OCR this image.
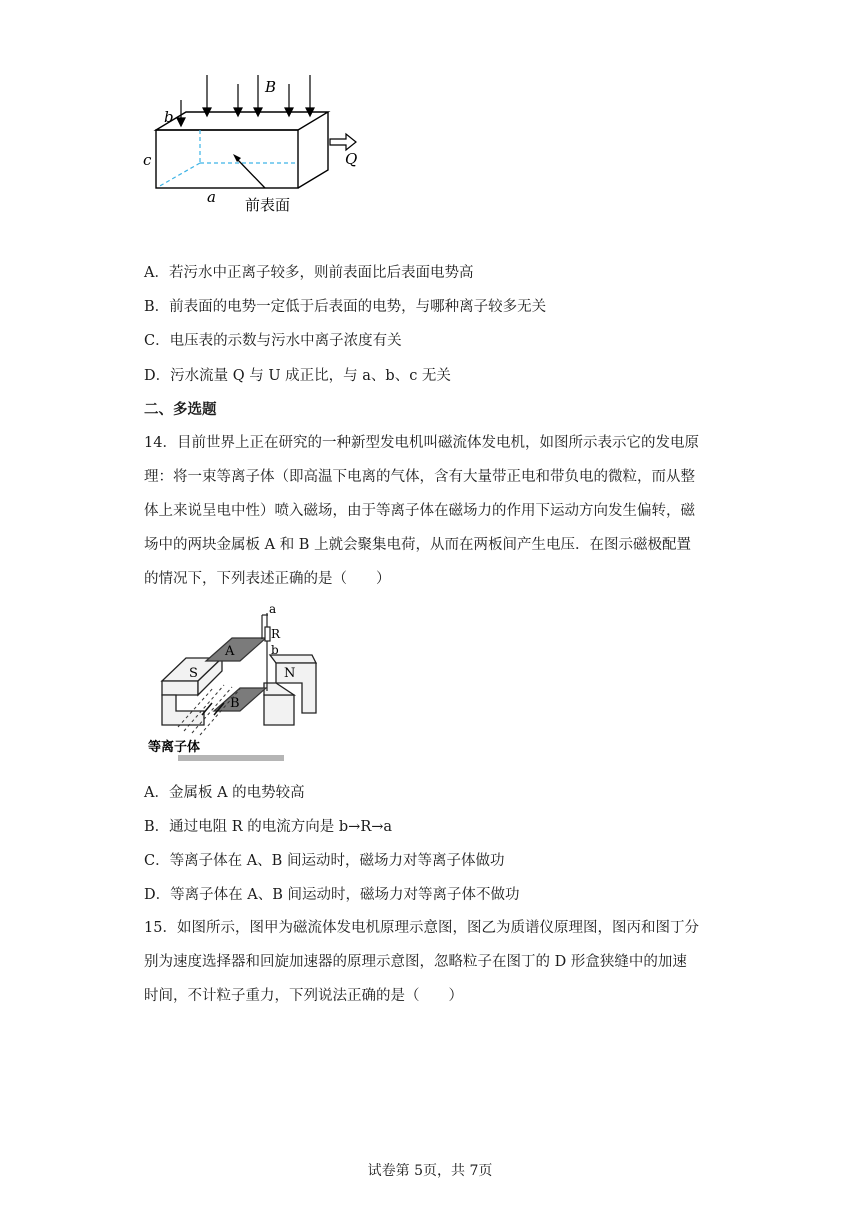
B
b
c
a
Q
前表面
A．若污水中正离子较多，则前表面比后表面电势高
B．前表面的电势一定低于后表面的电势，与哪种离子较多无关
C．电压表的示数与污水中离子浓度有关
D．污水流量 Q 与 U 成正比，与 a、b、c 无关
二、多选题
14．目前世界上正在研究的一种新型发电机叫磁流体发电机，如图所示表示它的发电原
理：将一束等离子体（即高温下电离的气体，含有大量带正电和带负电的微粒，而从整
体上来说呈电中性）喷入磁场，由于等离子体在磁场力的作用下运动方向发生偏转，磁
场中的两块金属板 A 和 B 上就会聚集电荷，从而在两板间产生电压．在图示磁极配置
的情况下，下列表述正确的是（　　）
S	N
A
B
a
R
b
等离子体
A．金属板 A 的电势较高
B．通过电阻 R 的电流方向是 b→R→a
C．等离子体在 A、B 间运动时，磁场力对等离子体做功
D．等离子体在 A、B 间运动时，磁场力对等离子体不做功
15．如图所示，图甲为磁流体发电机原理示意图，图乙为质谱仪原理图，图丙和图丁分
别为速度选择器和回旋加速器的原理示意图，忽略粒子在图丁的 D 形盒狭缝中的加速
时间，不计粒子重力，下列说法正确的是（　　）
试卷第 5页，共 7页
